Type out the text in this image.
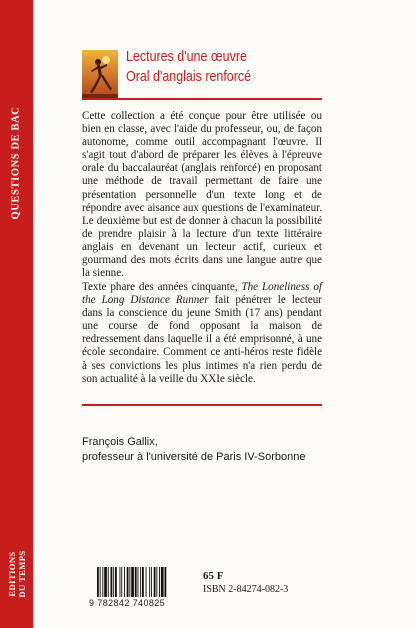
QUESTIONS DE BAC
EDITIONS DU TEMPS
Lectures d'une œuvre
Oral d'anglais renforcé

Cette collection a été conçue pour être utilisée ou bien en classe, avec l'aide du professeur, ou, de façon autonome, comme outil accompagnant l'œuvre. Il s'agit tout d'abord de préparer les élèves à l'épreuve orale du baccalauréat (anglais renforcé) en proposant une méthode de travail permettant de faire une présentation personnelle d'un texte long et de répondre avec aisance aux questions de l'examinateur. Le deuxième but est de donner à chacun la possibilité de prendre plaisir à la lecture d'un texte littéraire anglais en devenant un lecteur actif, curieux et gourmand des mots écrits dans une langue autre que la sienne.

Texte phare des années cinquante, The Loneliness of the Long Distance Runner fait pénétrer le lecteur dans la conscience du jeune Smith (17 ans) pendant une course de fond opposant la maison de redressement dans laquelle il a été emprisonné, à une école secondaire. Comment ce anti-héros reste fidèle à ses convictions les plus intimes n'a rien perdu de son actualité à la veille du XXIe siècle.

François Gallix,
professeur à l'université de Paris IV-Sorbonne
9 782842 740825
65 F
ISBN 2-84274-082-3
